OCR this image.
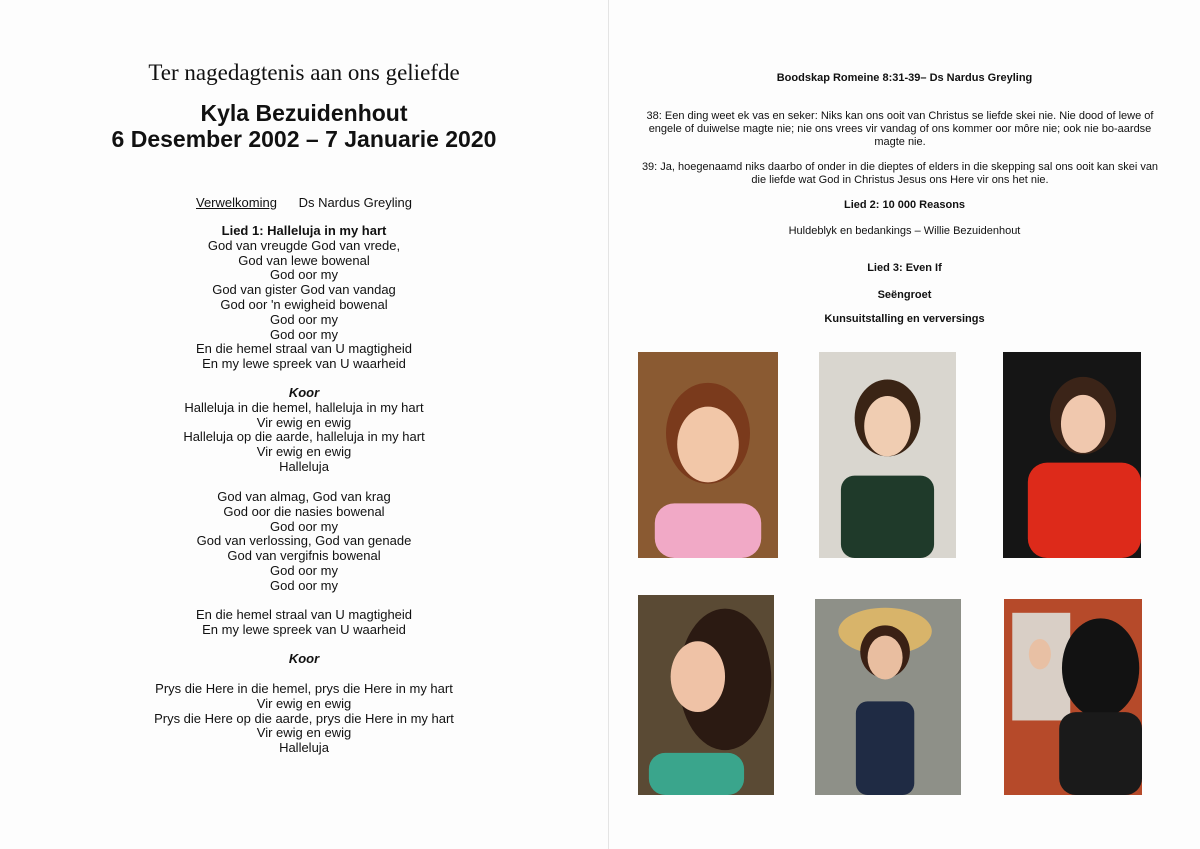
Ter nagedagtenis aan ons geliefde
Kyla Bezuidenhout
6 Desember 2002 – 7 Januarie 2020
Verwelkoming Ds Nardus Greyling
Lied 1: Halleluja in my hart
God van vreugde God van vrede,
God van lewe bowenal
God oor my
God van gister God van vandag
God oor 'n ewigheid bowenal
God oor my
God oor my
En die hemel straal van U magtigheid
En my lewe spreek van U waarheid
Koor
Halleluja in die hemel, halleluja in my hart
Vir ewig en ewig
Halleluja op die aarde, halleluja in my hart
Vir ewig en ewig
Halleluja
God van almag, God van krag
God oor die nasies bowenal
God oor my
God van verlossing, God van genade
God van vergifnis bowenal
God oor my
God oor my
En die hemel straal van U magtigheid
En my lewe spreek van U waarheid
Koor
Prys die Here in die hemel, prys die Here in my hart
Vir ewig en ewig
Prys die Here op die aarde, prys die Here in my hart
Vir ewig en ewig
Halleluja
Boodskap Romeine 8:31-39– Ds Nardus Greyling
38: Een ding weet ek vas en seker: Niks kan ons ooit van Christus se liefde skei nie. Nie dood of lewe of engele of duiwelse magte nie; nie ons vrees vir vandag of ons kommer oor môre nie; ook nie bo-aardse magte nie.
39: Ja, hoegenaamd niks daarbo of onder in die dieptes of elders in die skepping sal ons ooit kan skei van die liefde wat God in Christus Jesus ons Here vir ons het nie.
Lied 2: 10 000 Reasons
Huldeblyk en bedankings – Willie Bezuidenhout
Lied 3: Even If
Seëngroet
Kunsuitstalling en verversings
